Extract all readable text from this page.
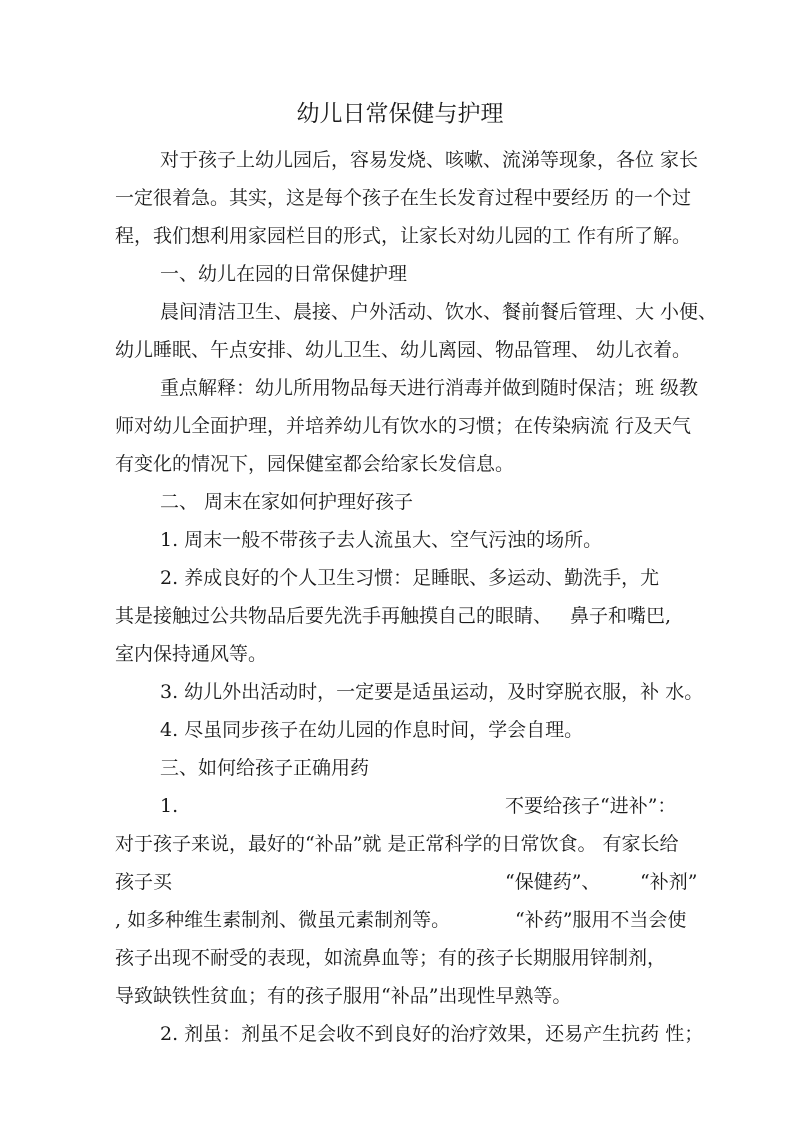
幼儿日常保健与护理
对于孩子上幼儿园后，容易发烧、咳嗽、流涕等现象，各位 家长
一定很着急。其实，这是每个孩子在生长发育过程中要经历 的一个过
程，我们想利用家园栏目的形式，让家长对幼儿园的工 作有所了解。
一、幼儿在园的日常保健护理
晨间清洁卫生、晨接、户外活动、饮水、餐前餐后管理、大 小便、
幼儿睡眠、午点安排、幼儿卫生、幼儿离园、物品管理、 幼儿衣着。
重点解释：幼儿所用物品每天进行消毒并做到随时保洁；班 级教
师对幼儿全面护理，并培养幼儿有饮水的习惯；在传染病流 行及天气
有变化的情况下，园保健室都会给家长发信息。
二、 周末在家如何护理好孩子
1. 周末一般不带孩子去人流虽大、空气污浊的场所。
2. 养成良好的个人卫生习惯：足睡眠、多运动、勤洗手，尤
其是接触过公共物品后要先洗手再触摸自己的眼睛、 鼻子和嘴巴,
室内保持通风等。
3. 幼儿外出活动时，一定要是适虽运动，及时穿脱衣服，补 水。
4. 尽虽同步孩子在幼儿园的作息时间，学会自理。
三、如何给孩子正确用药
1.	不要给孩子“进补”：
对于孩子来说，最好的“补品”就 是正常科学的日常饮食。 有家长给
孩子买	“保健药”、 “补剂”
, 如多种维生素制剂、微虽元素制剂等。	“补药”服用不当会使
孩子出现不耐受的表现，如流鼻血等；有的孩子长期服用锌制剂，
导致缺铁性贫血；有的孩子服用“补品”出现性早熟等。
2. 剂虽：剂虽不足会收不到良好的治疗效果，还易产生抗药 性；
